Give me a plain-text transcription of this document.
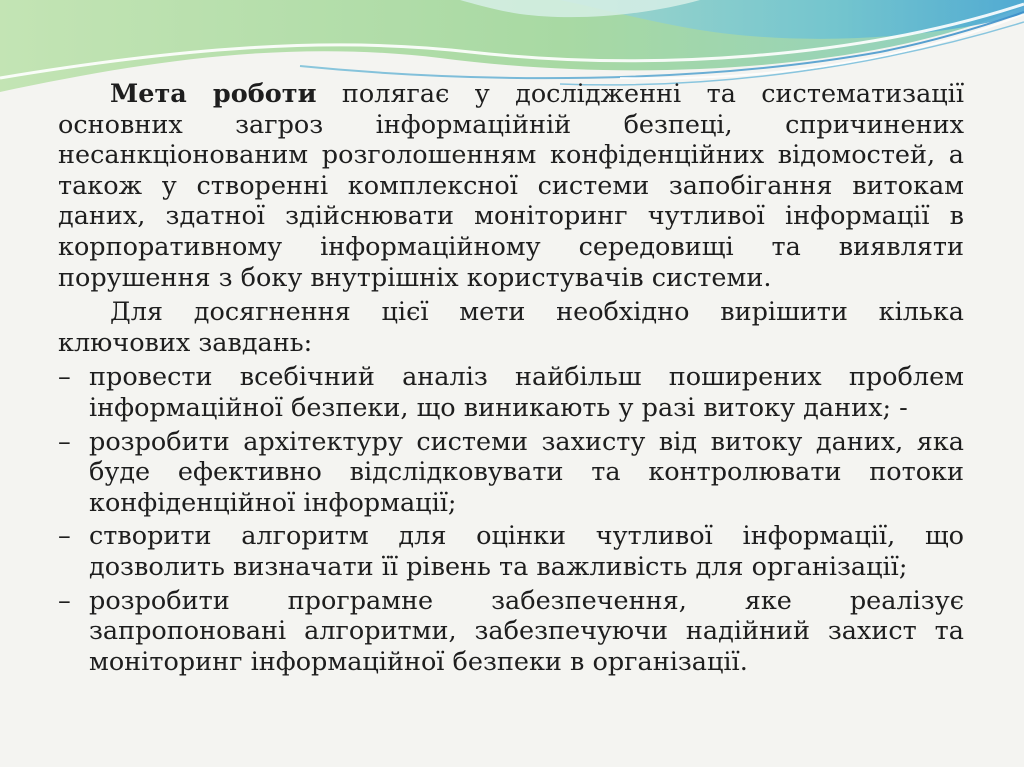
Мета роботи полягає у дослідженні та систематизації основних загроз інформаційній безпеці, спричинених несанкціонованим розголошенням конфіденційних відомостей, а також у створенні комплексної системи запобігання витокам даних, здатної здійснювати моніторинг чутливої інформації в корпоративному інформаційному середовищі та виявляти порушення з боку внутрішніх користувачів системи.

Для досягнення цієї мети необхідно вирішити кілька ключових завдань:

– провести всебічний аналіз найбільш поширених проблем інформаційної безпеки, що виникають у разі витоку даних; -
– розробити архітектуру системи захисту від витоку даних, яка буде ефективно відслідковувати та контролювати потоки конфіденційної інформації;
– створити алгоритм для оцінки чутливої інформації, що дозволить визначати її рівень та важливість для організації;
– розробити програмне забезпечення, яке реалізує запропоновані алгоритми, забезпечуючи надійний захист та моніторинг інформаційної безпеки в організації.
